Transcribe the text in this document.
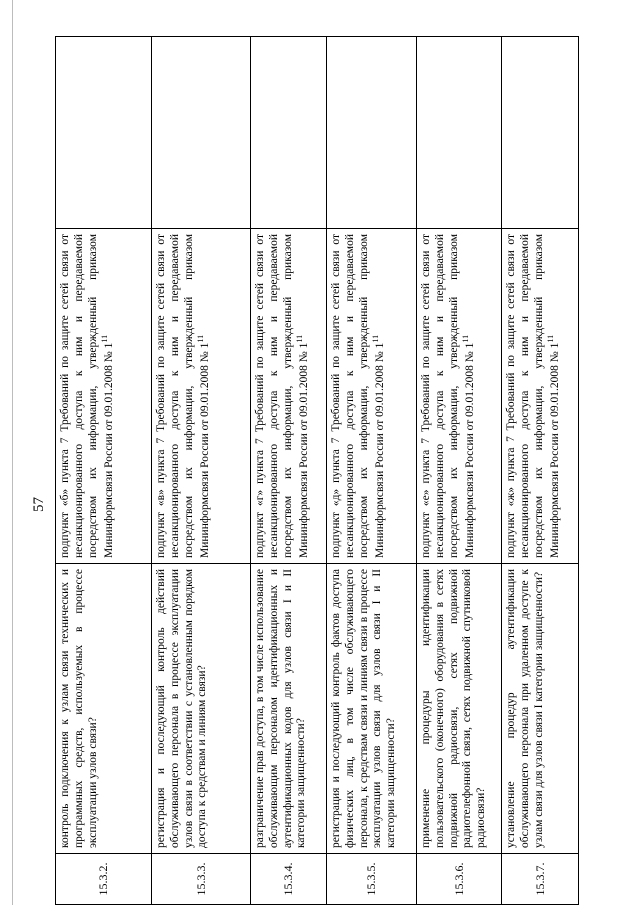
57
15.3.2.	контроль подключения к узлам связи технических и программных средств, используемых в процессе эксплуатации узлов связи?	подпункт «б» пункта 7 Требований по защите сетей связи от несанкционированного доступа к ним и передаваемой посредством их информации, утвержденный приказом Мининформсвязи России от 09.01.2008 № $1^{11}$

15.3.3.	регистрация и последующий контроль действий обслуживающего персонала в процессе эксплуатации узлов связи в соответствии с установленным порядком доступа к средствам и линиям связи?	подпункт «в» пункта 7 Требований по защите сетей связи от несанкционированного доступа к ним и передаваемой посредством их информации, утвержденный приказом Мининформсвязи России от 09.01.2008 № $1^{11}$

15.3.4.	разграничение прав доступа, в том числе использование обслуживающим персоналом идентификационных и аутентификационных кодов для узлов связи I и II категории защищенности?	подпункт «г» пункта 7 Требований по защите сетей связи от несанкционированного доступа к ним и передаваемой посредством их информации, утвержденный приказом Мининформсвязи России от 09.01.2008 № $1^{11}$

15.3.5.	регистрация и последующий контроль фактов доступа физических лиц, в том числе обслуживающего персонала, к средствам связи и линиям связи в процессе эксплуатации узлов связи для узлов связи I и II категории защищенности?	подпункт «д» пункта 7 Требований по защите сетей связи от несанкционированного доступа к ним и передаваемой посредством их информации, утвержденный приказом Мининформсвязи России от 09.01.2008 № $1^{11}$

15.3.6.	применение процедуры идентификации пользовательского (оконечного) оборудования в сетях подвижной радиосвязи, сетях подвижной радиотелефонной связи, сетях подвижной спутниковой радиосвязи?	подпункт «е» пункта 7 Требований по защите сетей связи от несанкционированного доступа к ним и передаваемой посредством их информации, утвержденный приказом Мининформсвязи России от 09.01.2008 № $1^{11}$

15.3.7.	установление процедур аутентификации обслуживающего персонала при удаленном доступе к узлам связи для узлов связи I категории защищенности?	подпункт «ж» пункта 7 Требований по защите сетей связи от несанкционированного доступа к ним и передаваемой посредством их информации, утвержденный приказом Мининформсвязи России от 09.01.2008 № $1^{11}$
